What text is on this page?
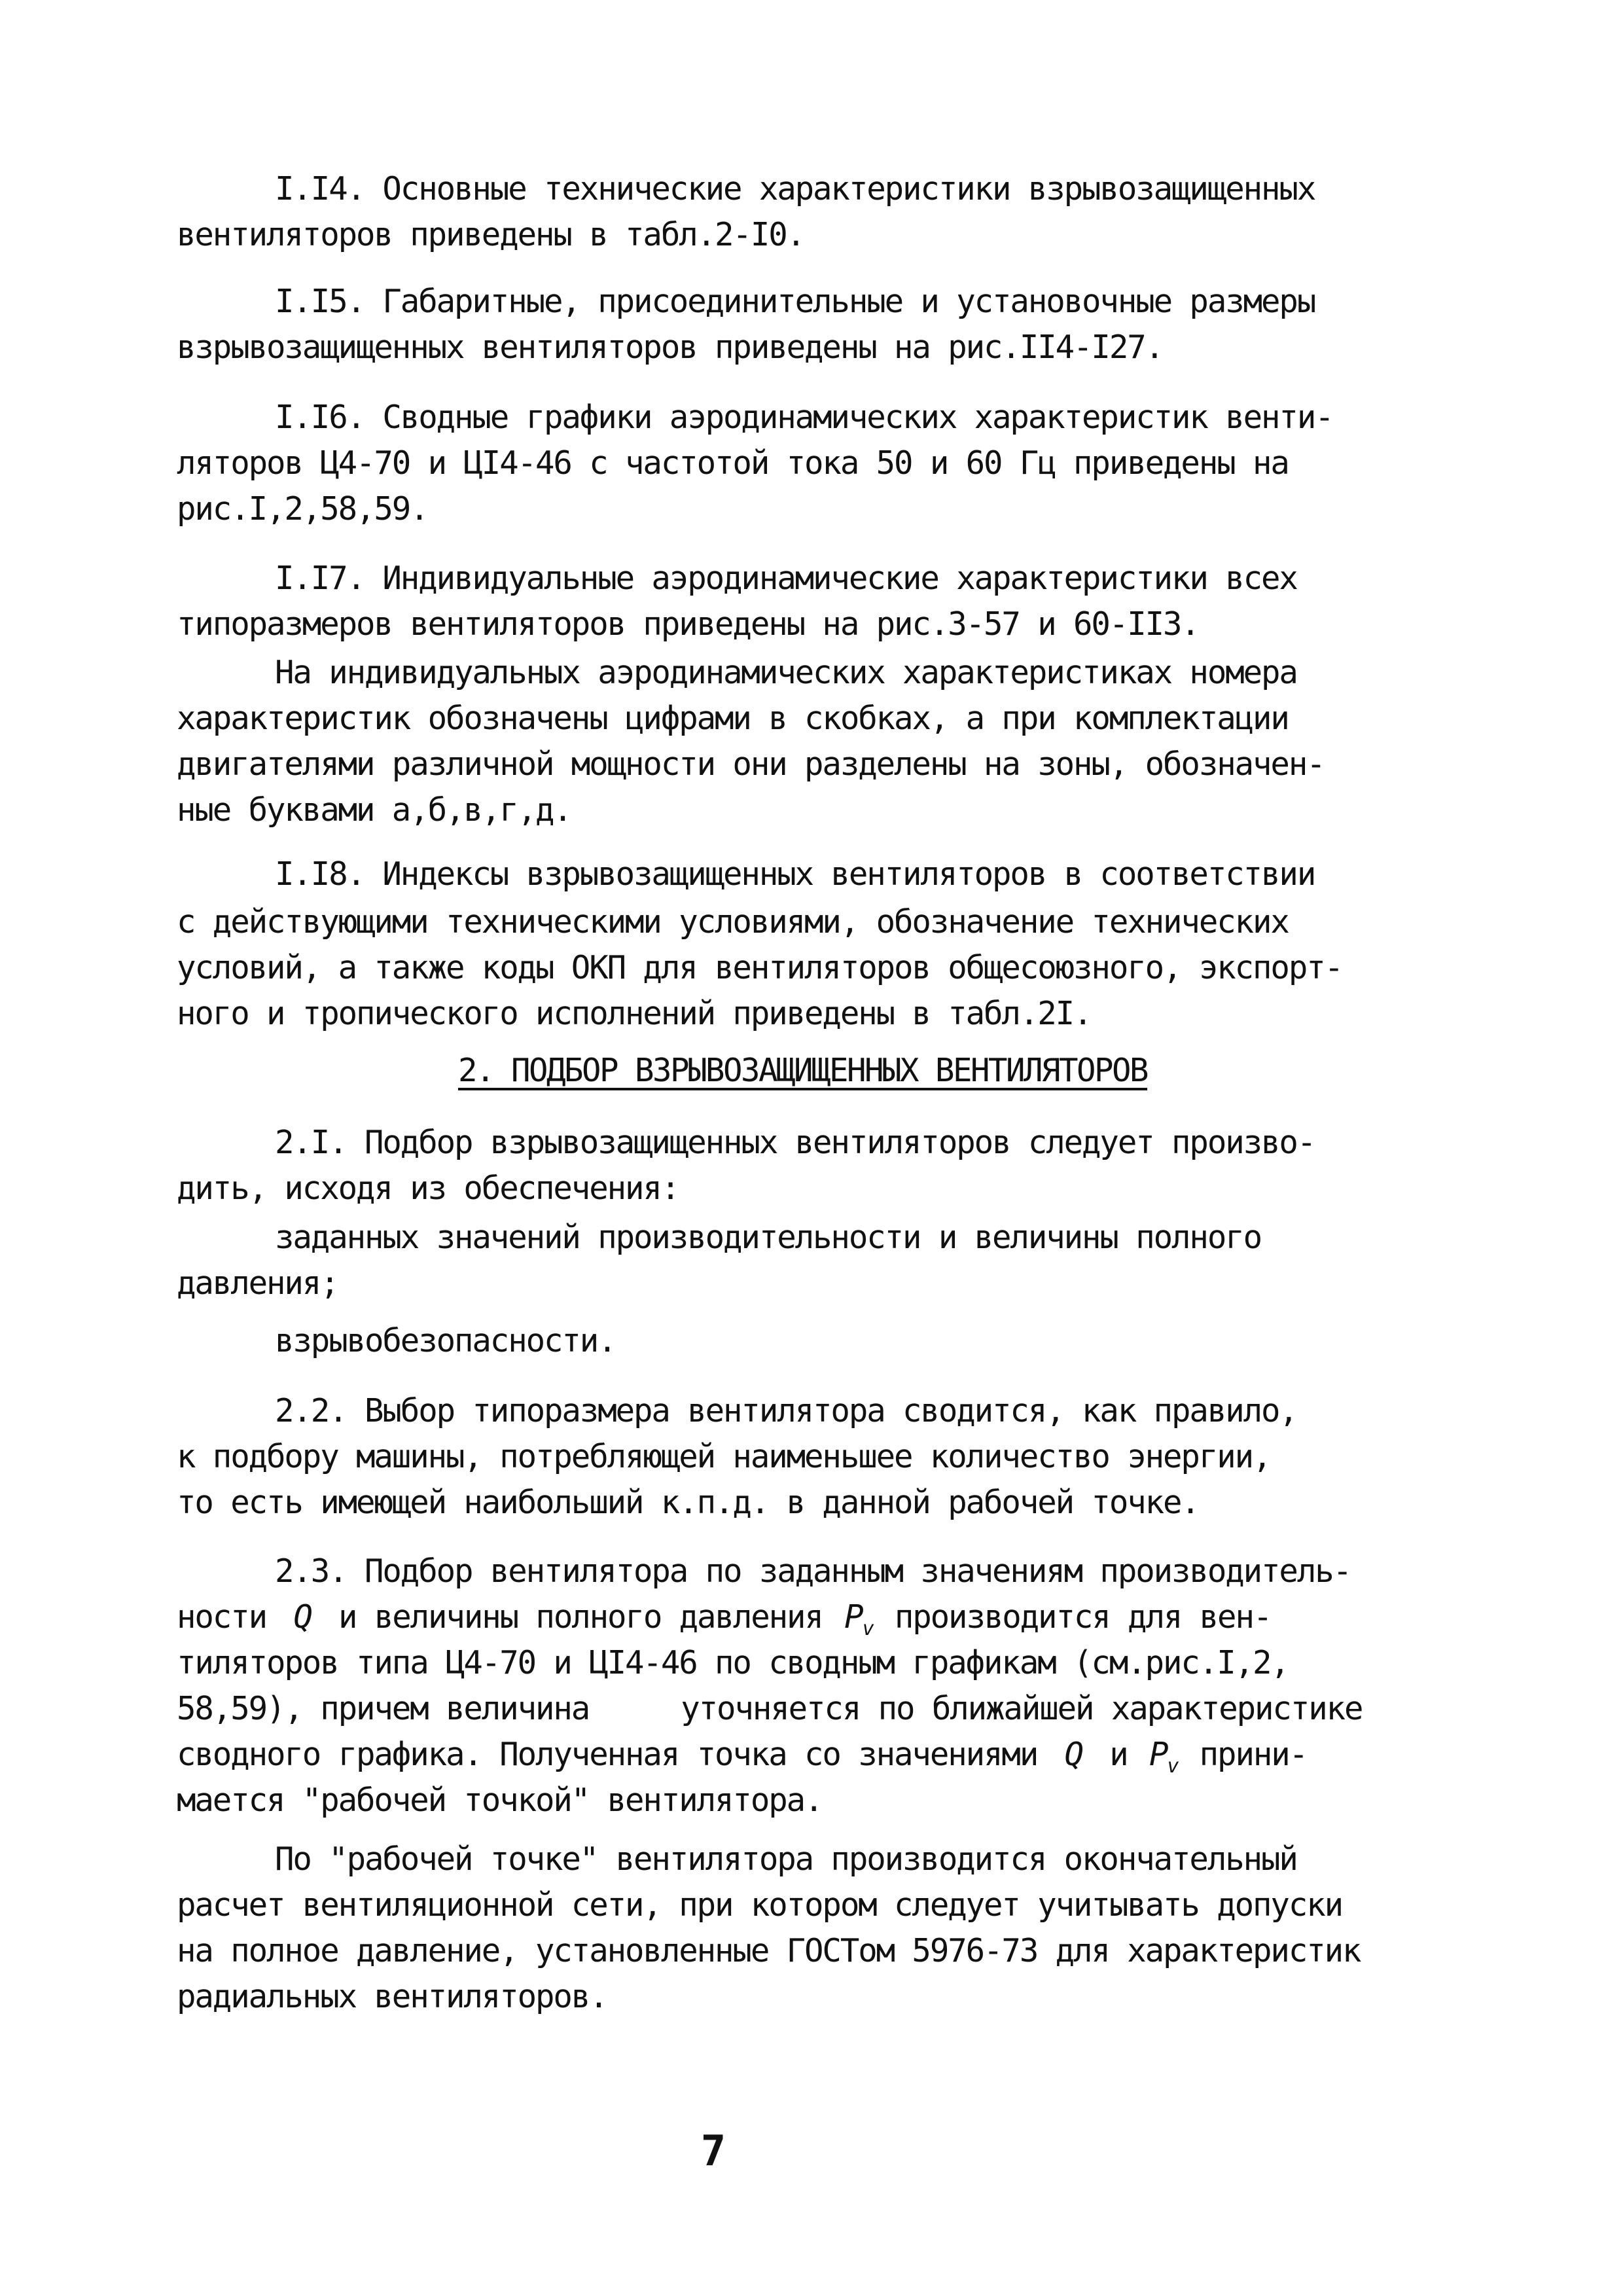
I.I4. Основные технические характеристики взрывозащищенных
вентиляторов приведены в табл.2-I0.
I.I5. Габаритные, присоединительные и установочные размеры
взрывозащищенных вентиляторов приведены на рис.II4-I27.
I.I6. Сводные графики аэродинамических характеристик венти-
ляторов Ц4-70 и ЦI4-46 с частотой тока 50 и 60 Гц приведены на
рис.I,2,58,59.
I.I7. Индивидуальные аэродинамические характеристики всех
типоразмеров вентиляторов приведены на рис.3-57 и 60-II3.
На индивидуальных аэродинамических характеристиках номера
характеристик обозначены цифрами в скобках, а при комплектации
двигателями различной мощности они разделены на зоны, обозначен-
ные буквами а,б,в,г,д.
I.I8. Индексы взрывозащищенных вентиляторов в соответствии
с действующими техническими условиями, обозначение технических
условий, а также коды ОКП для вентиляторов общесоюзного, экспорт-
ного и тропического исполнений приведены в табл.2I.
2. ПОДБОР ВЗРЫВОЗАЩИЩЕННЫХ ВЕНТИЛЯТОРОВ
2.I. Подбор взрывозащищенных вентиляторов следует произво-
дить, исходя из обеспечения:
заданных значений производительности и величины полного
давления;
взрывобезопасности.
2.2. Выбор типоразмера вентилятора сводится, как правило,
к подбору машины, потребляющей наименьшее количество энергии,
то есть имеющей наибольший к.п.д. в данной рабочей точке.
2.3. Подбор вентилятора по заданным значениям производитель-
ности Q и величины полного давления $P_v$ производится для вен-
тиляторов типа Ц4-70 и ЦI4-46 по сводным графикам (см.рис.I,2,
58,59), причем величина	уточняется по ближайшей характеристике
сводного графика. Полученная точка со значениями Q и $P_v$ прини-
мается "рабочей точкой" вентилятора.
По "рабочей точке" вентилятора производится окончательный
расчет вентиляционной сети, при котором следует учитывать допуски
на полное давление, установленные ГОСТом 5976-73 для характеристик
радиальных вентиляторов.
7
